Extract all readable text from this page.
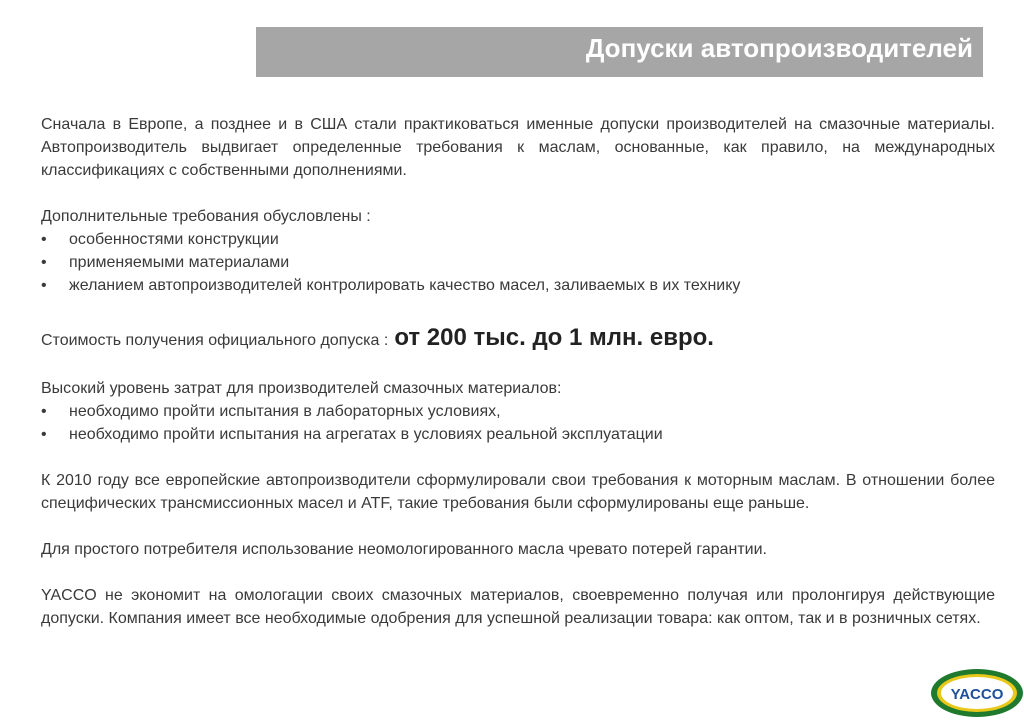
Допуски автопроизводителей

Сначала в Европе, а позднее и в США стали практиковаться именные допуски производителей на смазочные материалы. Автопроизводитель выдвигает определенные требования к маслам, основанные, как правило, на международных классификациях с собственными дополнениями.

Дополнительные требования обусловлены :

•	особенностями конструкции
•	применяемыми материалами
•	желанием автопроизводителей контролировать качество масел, заливаемых в их технику
Стоимость получения официального допуска : от 200 тыс. до 1 млн. евро.

Высокий уровень затрат для производителей смазочных материалов:

•	необходимо пройти испытания в лабораторных условиях,
•	необходимо пройти испытания на агрегатах в условиях реальной эксплуатации

К 2010 году все европейские автопроизводители сформулировали свои требования к моторным маслам. В отношении более специфических трансмиссионных масел и ATF, такие требования были сформулированы еще раньше.

Для простого потребителя использование неомологированного масла чревато потерей гарантии.

YACCO не экономит на омологации своих смазочных материалов, своевременно получая или пролонгируя действующие допуски. Компания имеет все необходимые одобрения для успешной реализации товара: как оптом, так и в розничных сетях.

YACCO
